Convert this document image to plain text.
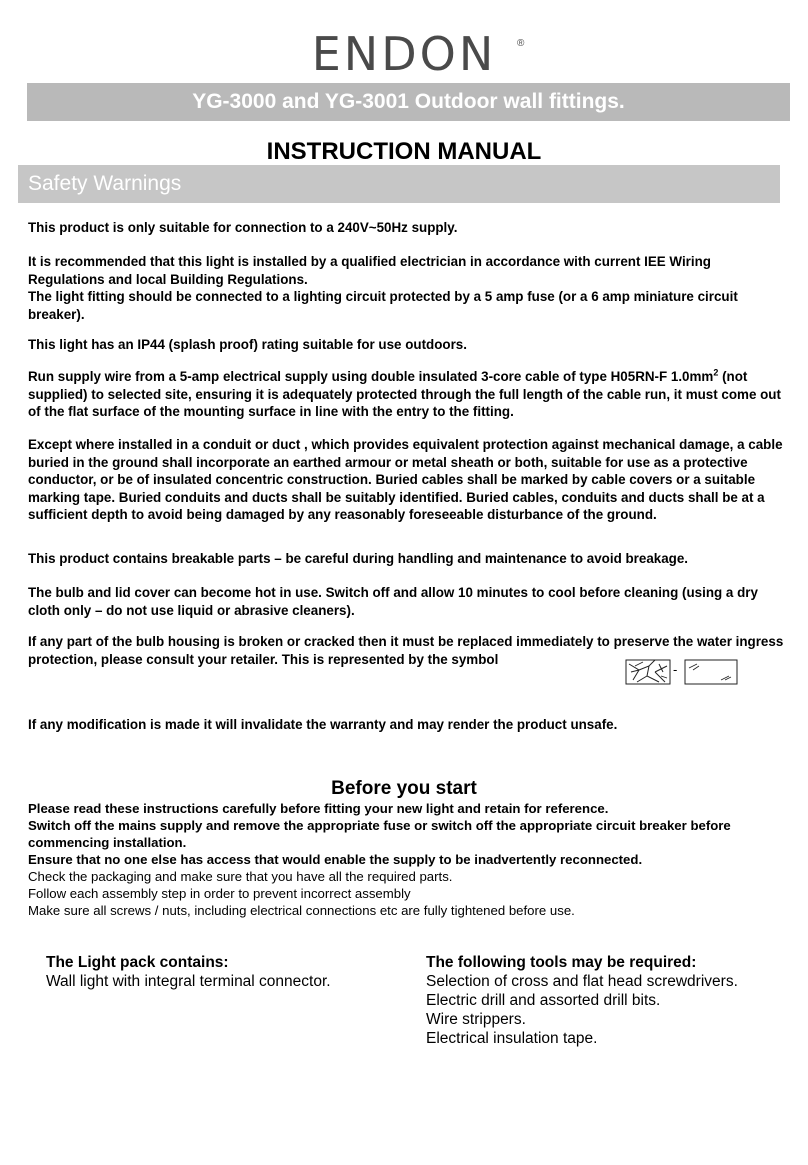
ENDON ®
YG-3000 and YG-3001 Outdoor wall fittings.
INSTRUCTION MANUAL
Safety Warnings

This product is only suitable for connection to a 240V~50Hz supply.

It is recommended that this light is installed by a qualified electrician in accordance with current IEE Wiring Regulations and local Building Regulations.

The light fitting should be connected to a lighting circuit protected by a 5 amp fuse (or a 6 amp miniature circuit breaker).

This light has an IP44 (splash proof) rating suitable for use outdoors.

Run supply wire from a 5-amp electrical supply using double insulated 3-core cable of type H05RN-F $1.0mm^2$ (not supplied) to selected site, ensuring it is adequately protected through the full length of the cable run, it must come out of the flat surface of the mounting surface in line with the entry to the fitting.

Except where installed in a conduit or duct , which provides equivalent protection against mechanical damage, a cable buried in the ground shall incorporate an earthed armour or metal sheath or both, suitable for use as a protective conductor, or be of insulated concentric construction. Buried cables shall be marked by cable covers or a suitable marking tape. Buried conduits and ducts shall be suitably identified. Buried cables, conduits and ducts shall be at a sufficient depth to avoid being damaged by any reasonably foreseeable disturbance of the ground.

This product contains breakable parts – be careful during handling and maintenance to avoid breakage.

The bulb and lid cover can become hot in use. Switch off and allow 10 minutes to cool before cleaning (using a dry cloth only – do not use liquid or abrasive cleaners).

If any part of the bulb housing is broken or cracked then it must be replaced immediately to preserve the water ingress protection, please consult your retailer. This is represented by the symbol

-

If any modification is made it will invalidate the warranty and may render the product unsafe.

Before you start

Please read these instructions carefully before fitting your new light and retain for reference.

Switch off the mains supply and remove the appropriate fuse or switch off the appropriate circuit breaker before commencing installation.

Ensure that no one else has access that would enable the supply to be inadvertently reconnected.

Check the packaging and make sure that you have all the required parts.

Follow each assembly step in order to prevent incorrect assembly

Make sure all screws / nuts, including electrical connections etc are fully tightened before use.

The Light pack contains:

Wall light with integral terminal connector.

The following tools may be required:

Selection of cross and flat head screwdrivers.

Electric drill and assorted drill bits.

Wire strippers.

Electrical insulation tape.
